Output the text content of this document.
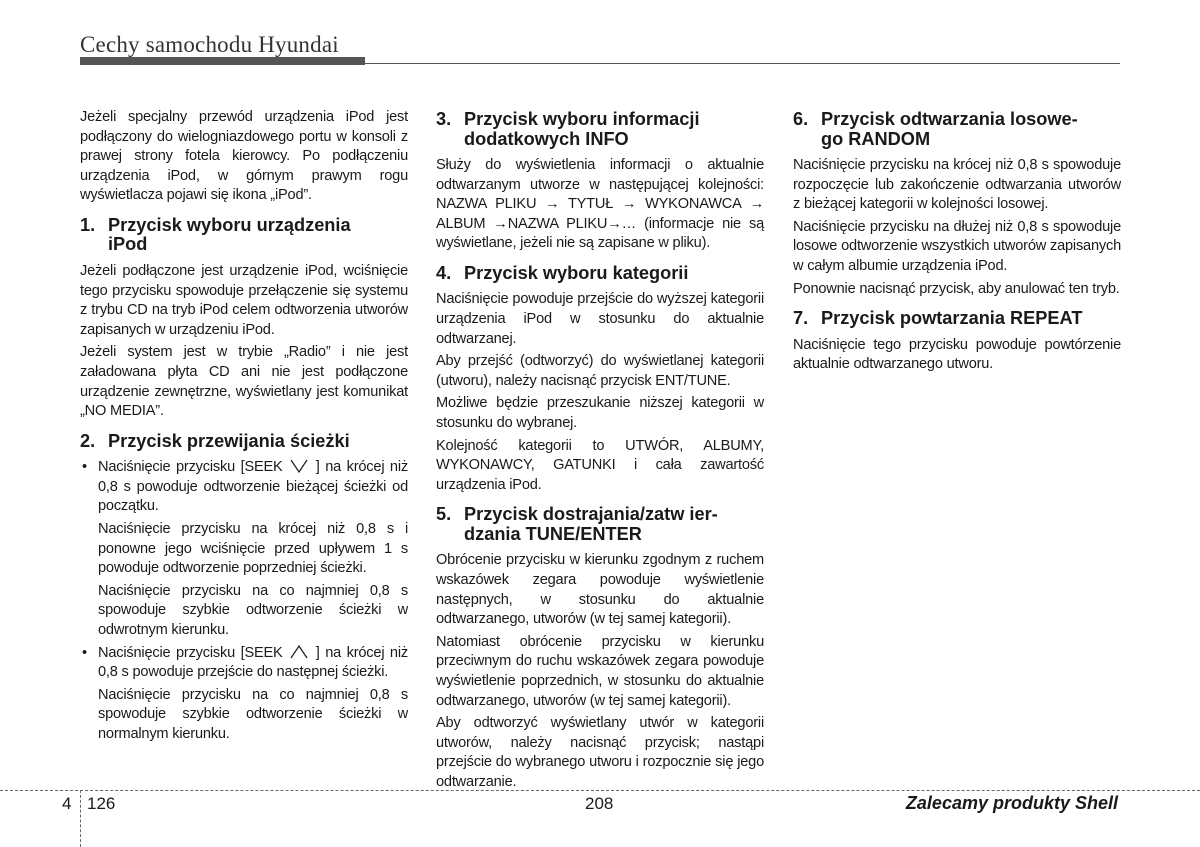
Cechy samochodu Hyundai

Jeżeli specjalny przewód urządzenia iPod jest podłączony do wielogniazdowego portu w konsoli z prawej strony fotela kierowcy. Po podłączeniu urządzenia iPod, w górnym prawym rogu wyświetlacza pojawi się ikona „iPod”.

1. Przycisk wyboru urządzenia
iPod

Jeżeli podłączone jest urządzenie iPod, wciśnięcie tego przycisku spowoduje przełączenie się systemu z trybu CD na tryb iPod celem odtworzenia utworów zapisanych w urządzeniu iPod.

Jeżeli system jest w trybie „Radio” i nie jest załadowana płyta CD ani nie jest podłączone urządzenie zewnętrzne, wyświetlany jest komunikat „NO MEDIA”.

2. Przycisk przewijania ścieżki
• Naciśnięcie przycisku [SEEK ] na krócej niż 0,8 s powoduje odtworzenie bieżącej ścieżki od początku.

Naciśnięcie przycisku na krócej niż 0,8 s i ponowne jego wciśnięcie przed upływem 1 s powoduje odtworzenie poprzedniej ścieżki.

Naciśnięcie przycisku na co najmniej 0,8 s spowoduje szybkie odtworzenie ścieżki w odwrotnym kierunku.

• Naciśnięcie przycisku [SEEK ] na krócej niż 0,8 s powoduje przejście do następnej ścieżki.

Naciśnięcie przycisku na co najmniej 0,8 s spowoduje szybkie odtworzenie ścieżki w normalnym kierunku.

3. Przycisk wyboru informacji
dodatkowych INFO

Służy do wyświetlenia informacji o aktualnie odtwarzanym utworze w następującej kolejności: NAZWA PLIKU → TYTUŁ → WYKONAWCA → ALBUM →NAZWA PLIKU→… (informacje nie są wyświetlane, jeżeli nie są zapisane w pliku).

4. Przycisk wyboru kategorii

Naciśnięcie powoduje przejście do wyższej kategorii urządzenia iPod w stosunku do aktualnie odtwarzanej.

Aby przejść (odtworzyć) do wyświetlanej kategorii (utworu), należy nacisnąć przycisk ENT/TUNE.

Możliwe będzie przeszukanie niższej kategorii w stosunku do wybranej.

Kolejność kategorii to UTWÓR, ALBUMY, WYKONAWCY, GATUNKI i cała zawartość urządzenia iPod.

5. Przycisk dostrajania/zatw ier-
dzania TUNE/ENTER

Obrócenie przycisku w kierunku zgodnym z ruchem wskazówek zegara powoduje wyświetlenie następnych, w stosunku do aktualnie odtwarzanego, utworów (w tej samej kategorii).

Natomiast obrócenie przycisku w kierunku przeciwnym do ruchu wskazówek zegara powoduje wyświetlenie poprzednich, w stosunku do aktualnie odtwarzanego, utworów (w tej samej kategorii).

Aby odtworzyć wyświetlany utwór w kategorii utworów, należy nacisnąć przycisk; nastąpi przejście do wybranego utworu i rozpocznie się jego odtwarzanie.

6. Przycisk odtwarzania losowe-
go RANDOM

Naciśnięcie przycisku na krócej niż 0,8 s spowoduje rozpoczęcie lub zakończenie odtwarzania utworów z bieżącej kategorii w kolejności losowej.

Naciśnięcie przycisku na dłużej niż 0,8 s spowoduje losowe odtworzenie wszystkich utworów zapisanych w całym albumie urządzenia iPod.

Ponownie nacisnąć przycisk, aby anulować ten tryb.

7. Przycisk powtarzania REPEAT

Naciśnięcie tego przycisku powoduje powtórzenie aktualnie odtwarzanego utworu.

4 126	208	Zalecamy produkty Shell
